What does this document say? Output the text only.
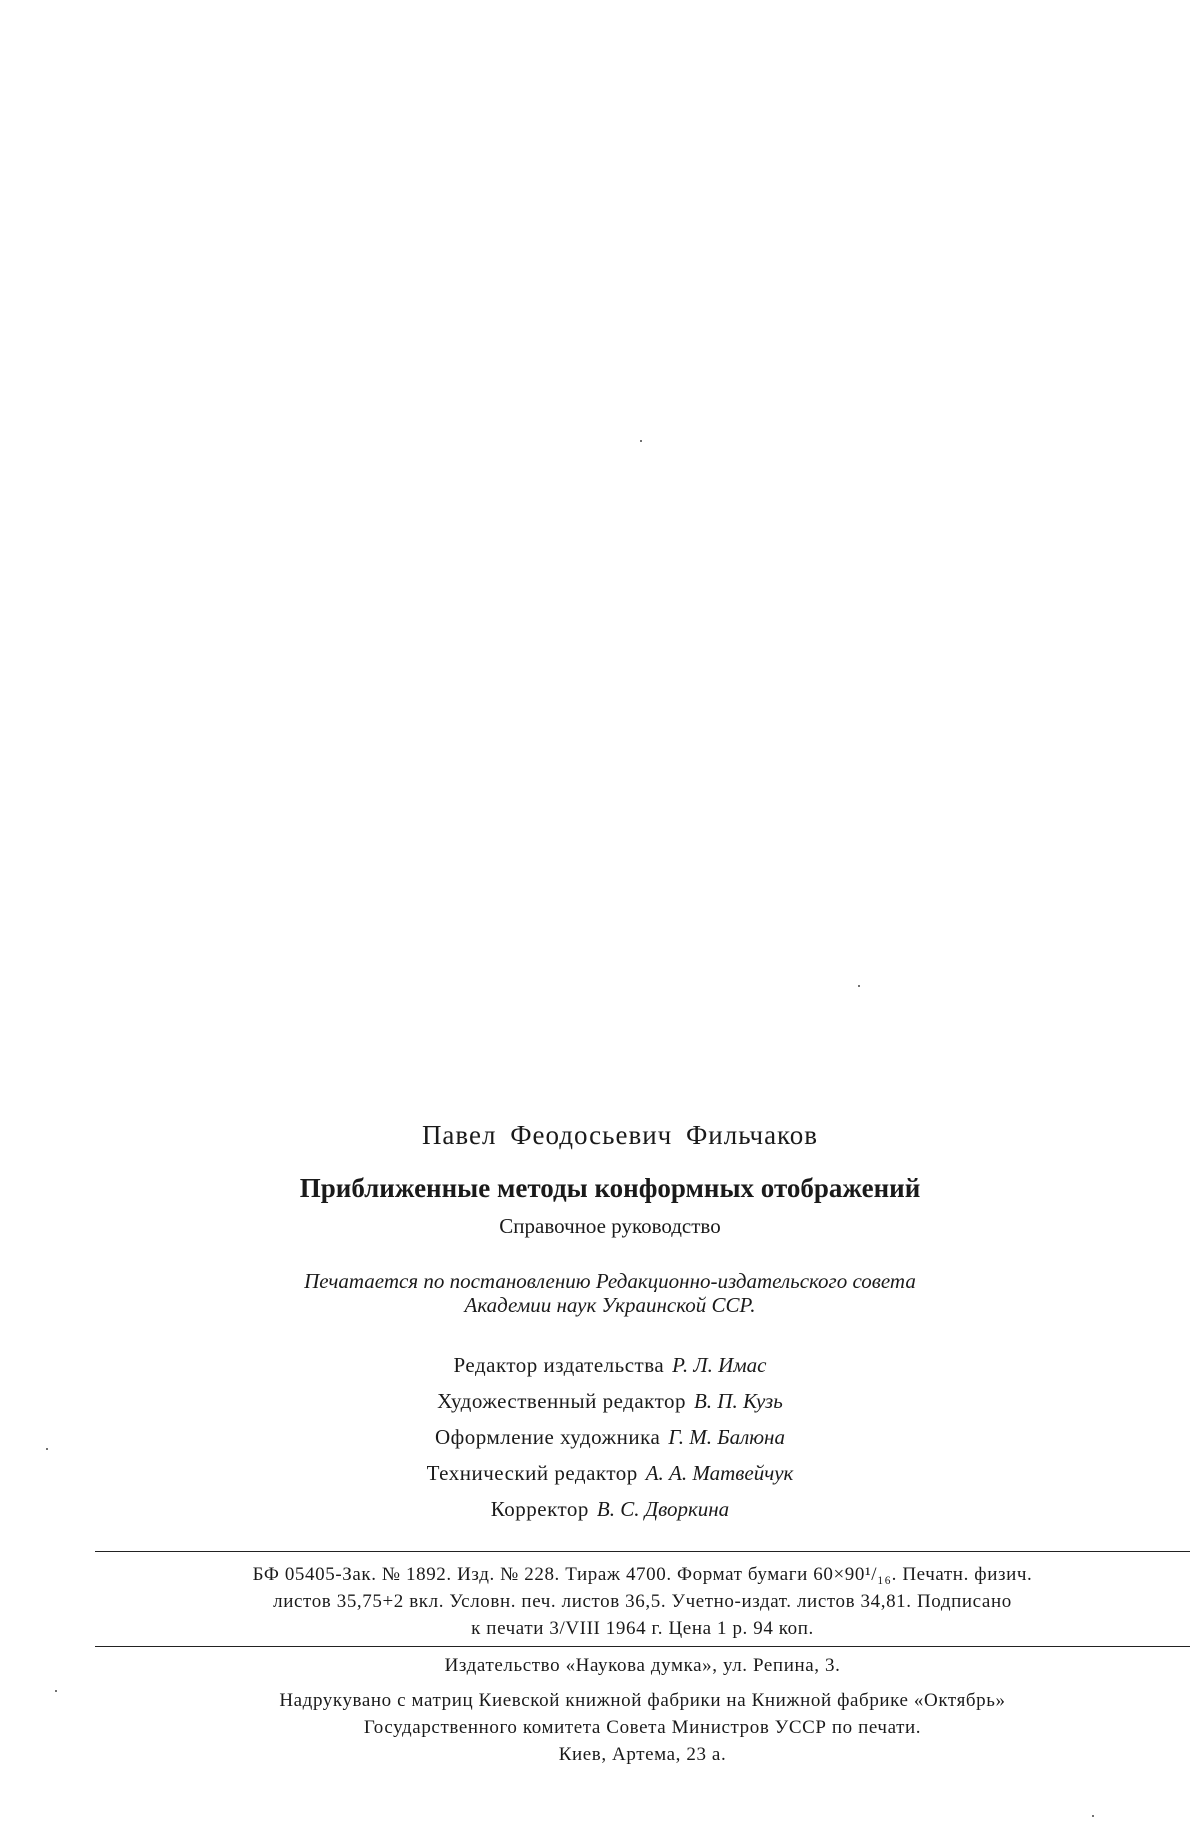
Павел Феодосьевич Фильчаков
Приближенные методы конформных отображений
Справочное руководство
Печатается по постановлению Редакционно-издательского совета
Академии наук Украинской ССР.
Редактор издательства Р. Л. Имас
Художественный редактор В. П. Кузь
Оформление художника Г. М. Балюна
Технический редактор А. А. Матвейчук
Корректор В. С. Дворкина
БФ 05405-Зак. № 1892. Изд. № 228. Тираж 4700. Формат бумаги 60×90¹/₁₆. Печатн. физич.
листов 35,75+2 вкл. Условн. печ. листов 36,5. Учетно-издат. листов 34,81. Подписано
к печати 3/VIII 1964 г. Цена 1 р. 94 коп.
Издательство «Наукова думка», ул. Репина, 3.
Надрукувано с матриц Киевской книжной фабрики на Книжной фабрике «Октябрь»
Государственного комитета Совета Министров УССР по печати.
Киев, Артема, 23 а.
